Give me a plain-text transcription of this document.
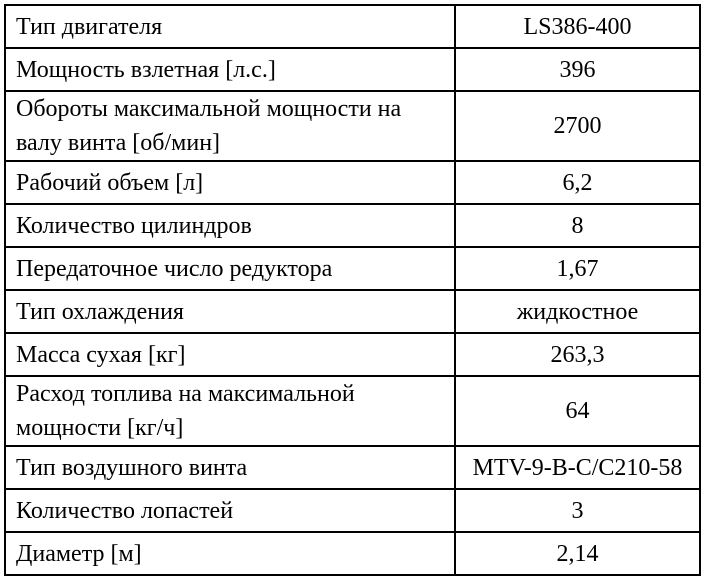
Тип двигателя	LS386-400
Мощность взлетная [л.с.]	396
Обороты максимальной мощности на валу винта [об/мин]	2700
Рабочий объем [л]	6,2
Количество цилиндров	8
Передаточное число редуктора	1,67
Тип охлаждения	жидкостное
Масса сухая [кг]	263,3
Расход топлива на максимальной мощности [кг/ч]	64
Тип воздушного винта	MTV-9-B-C/C210-58
Количество лопастей	3
Диаметр [м]	2,14
